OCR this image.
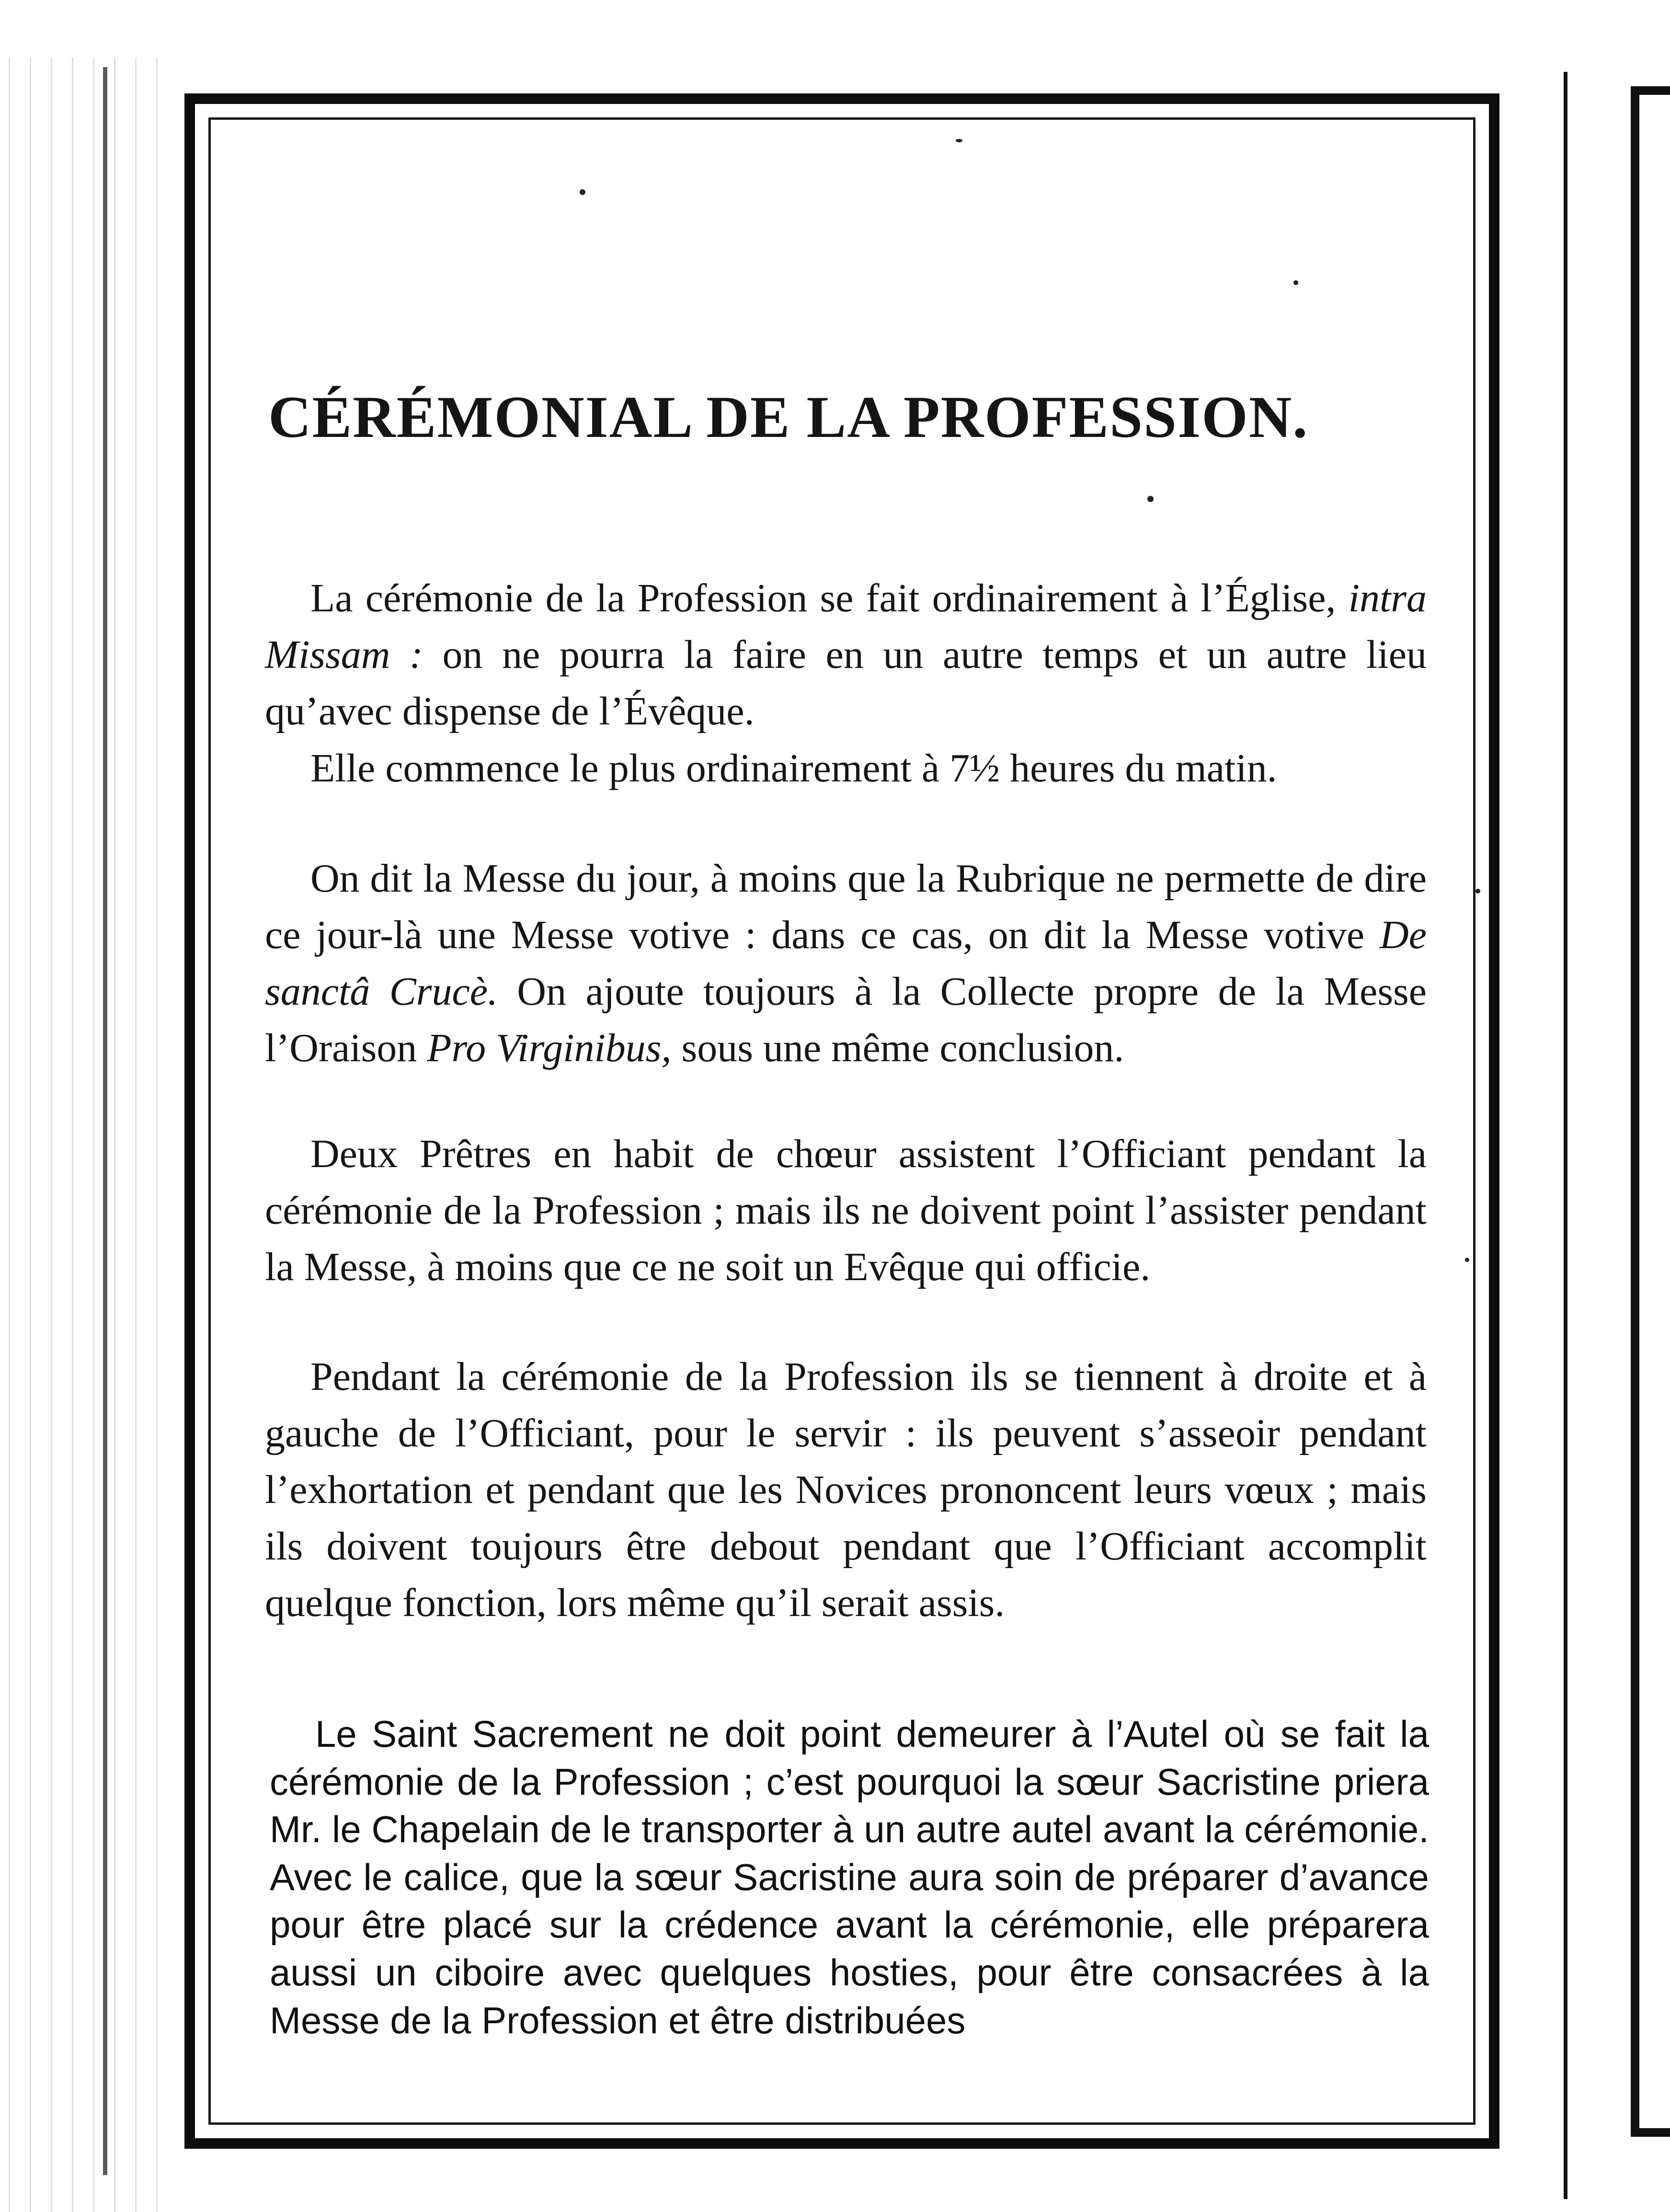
CÉRÉMONIAL DE LA PROFESSION.

La cérémonie de la Profession se fait ordinairement à l’Église, intra Missam : on ne pourra la faire en un autre temps et un autre lieu qu’avec dispense de l’Évêque.

Elle commence le plus ordinairement à 7½ heures du matin.

On dit la Messe du jour, à moins que la Rubrique ne permette de dire ce jour-là une Messe votive : dans ce cas, on dit la Messe votive De sanctâ Crucè. On ajoute toujours à la Collecte propre de la Messe l’Oraison Pro Virginibus, sous une même conclusion.

Deux Prêtres en habit de chœur assistent l’Officiant pendant la cérémonie de la Profession ; mais ils ne doivent point l’assister pendant la Messe, à moins que ce ne soit un Evêque qui officie.

Pendant la cérémonie de la Profession ils se tiennent à droite et à gauche de l’Officiant, pour le servir : ils peuvent s’asseoir pendant l’exhortation et pendant que les Novices prononcent leurs vœux ; mais ils doivent toujours être debout pendant que l’Officiant accomplit quelque fonction, lors même qu’il serait assis.

Le Saint Sacrement ne doit point demeurer à l’Autel où se fait la cérémonie de la Profession ; c’est pourquoi la sœur Sacristine priera Mr. le Chapelain de le transporter à un autre autel avant la cérémonie. Avec le calice, que la sœur Sacristine aura soin de préparer d’avance pour être placé sur la crédence avant la cérémonie, elle préparera aussi un ciboire avec quelques hosties, pour être consacrées à la Messe de la Profession et être distribuées
